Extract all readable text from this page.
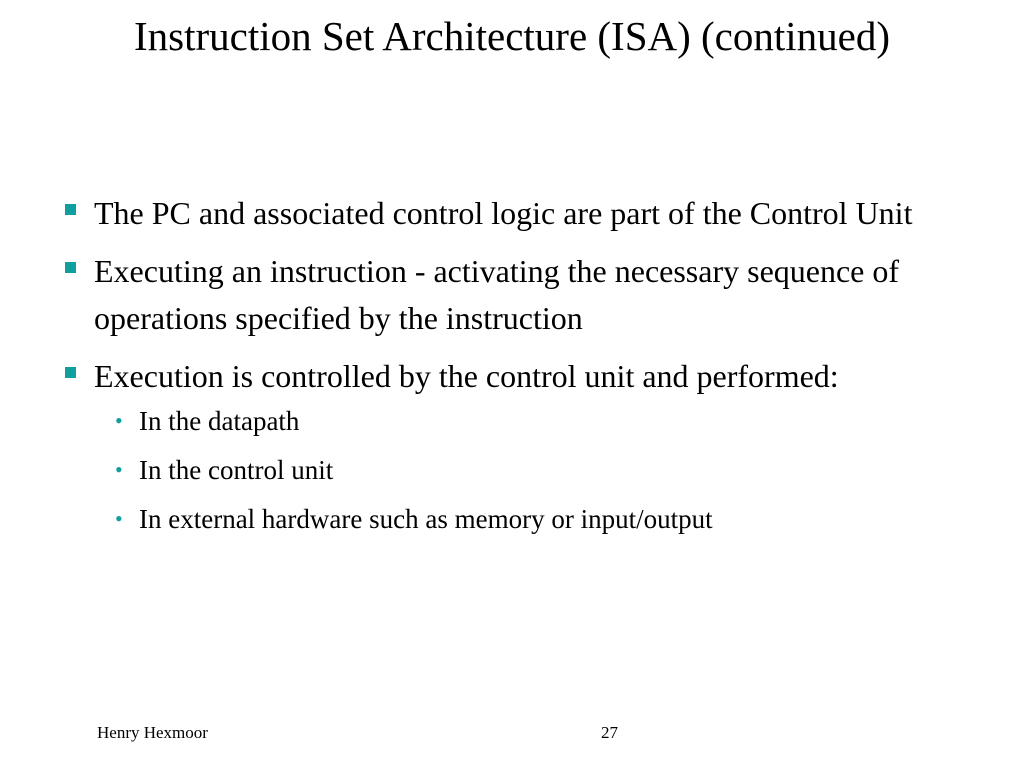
Instruction Set Architecture (ISA) (continued)
The PC and associated control logic are part of the Control Unit
Executing an instruction - activating the necessary sequence of operations specified by the instruction
Execution is controlled by the control unit and performed:
• In the datapath
• In the control unit
• In external hardware such as memory or input/output
Henry Hexmoor	27
